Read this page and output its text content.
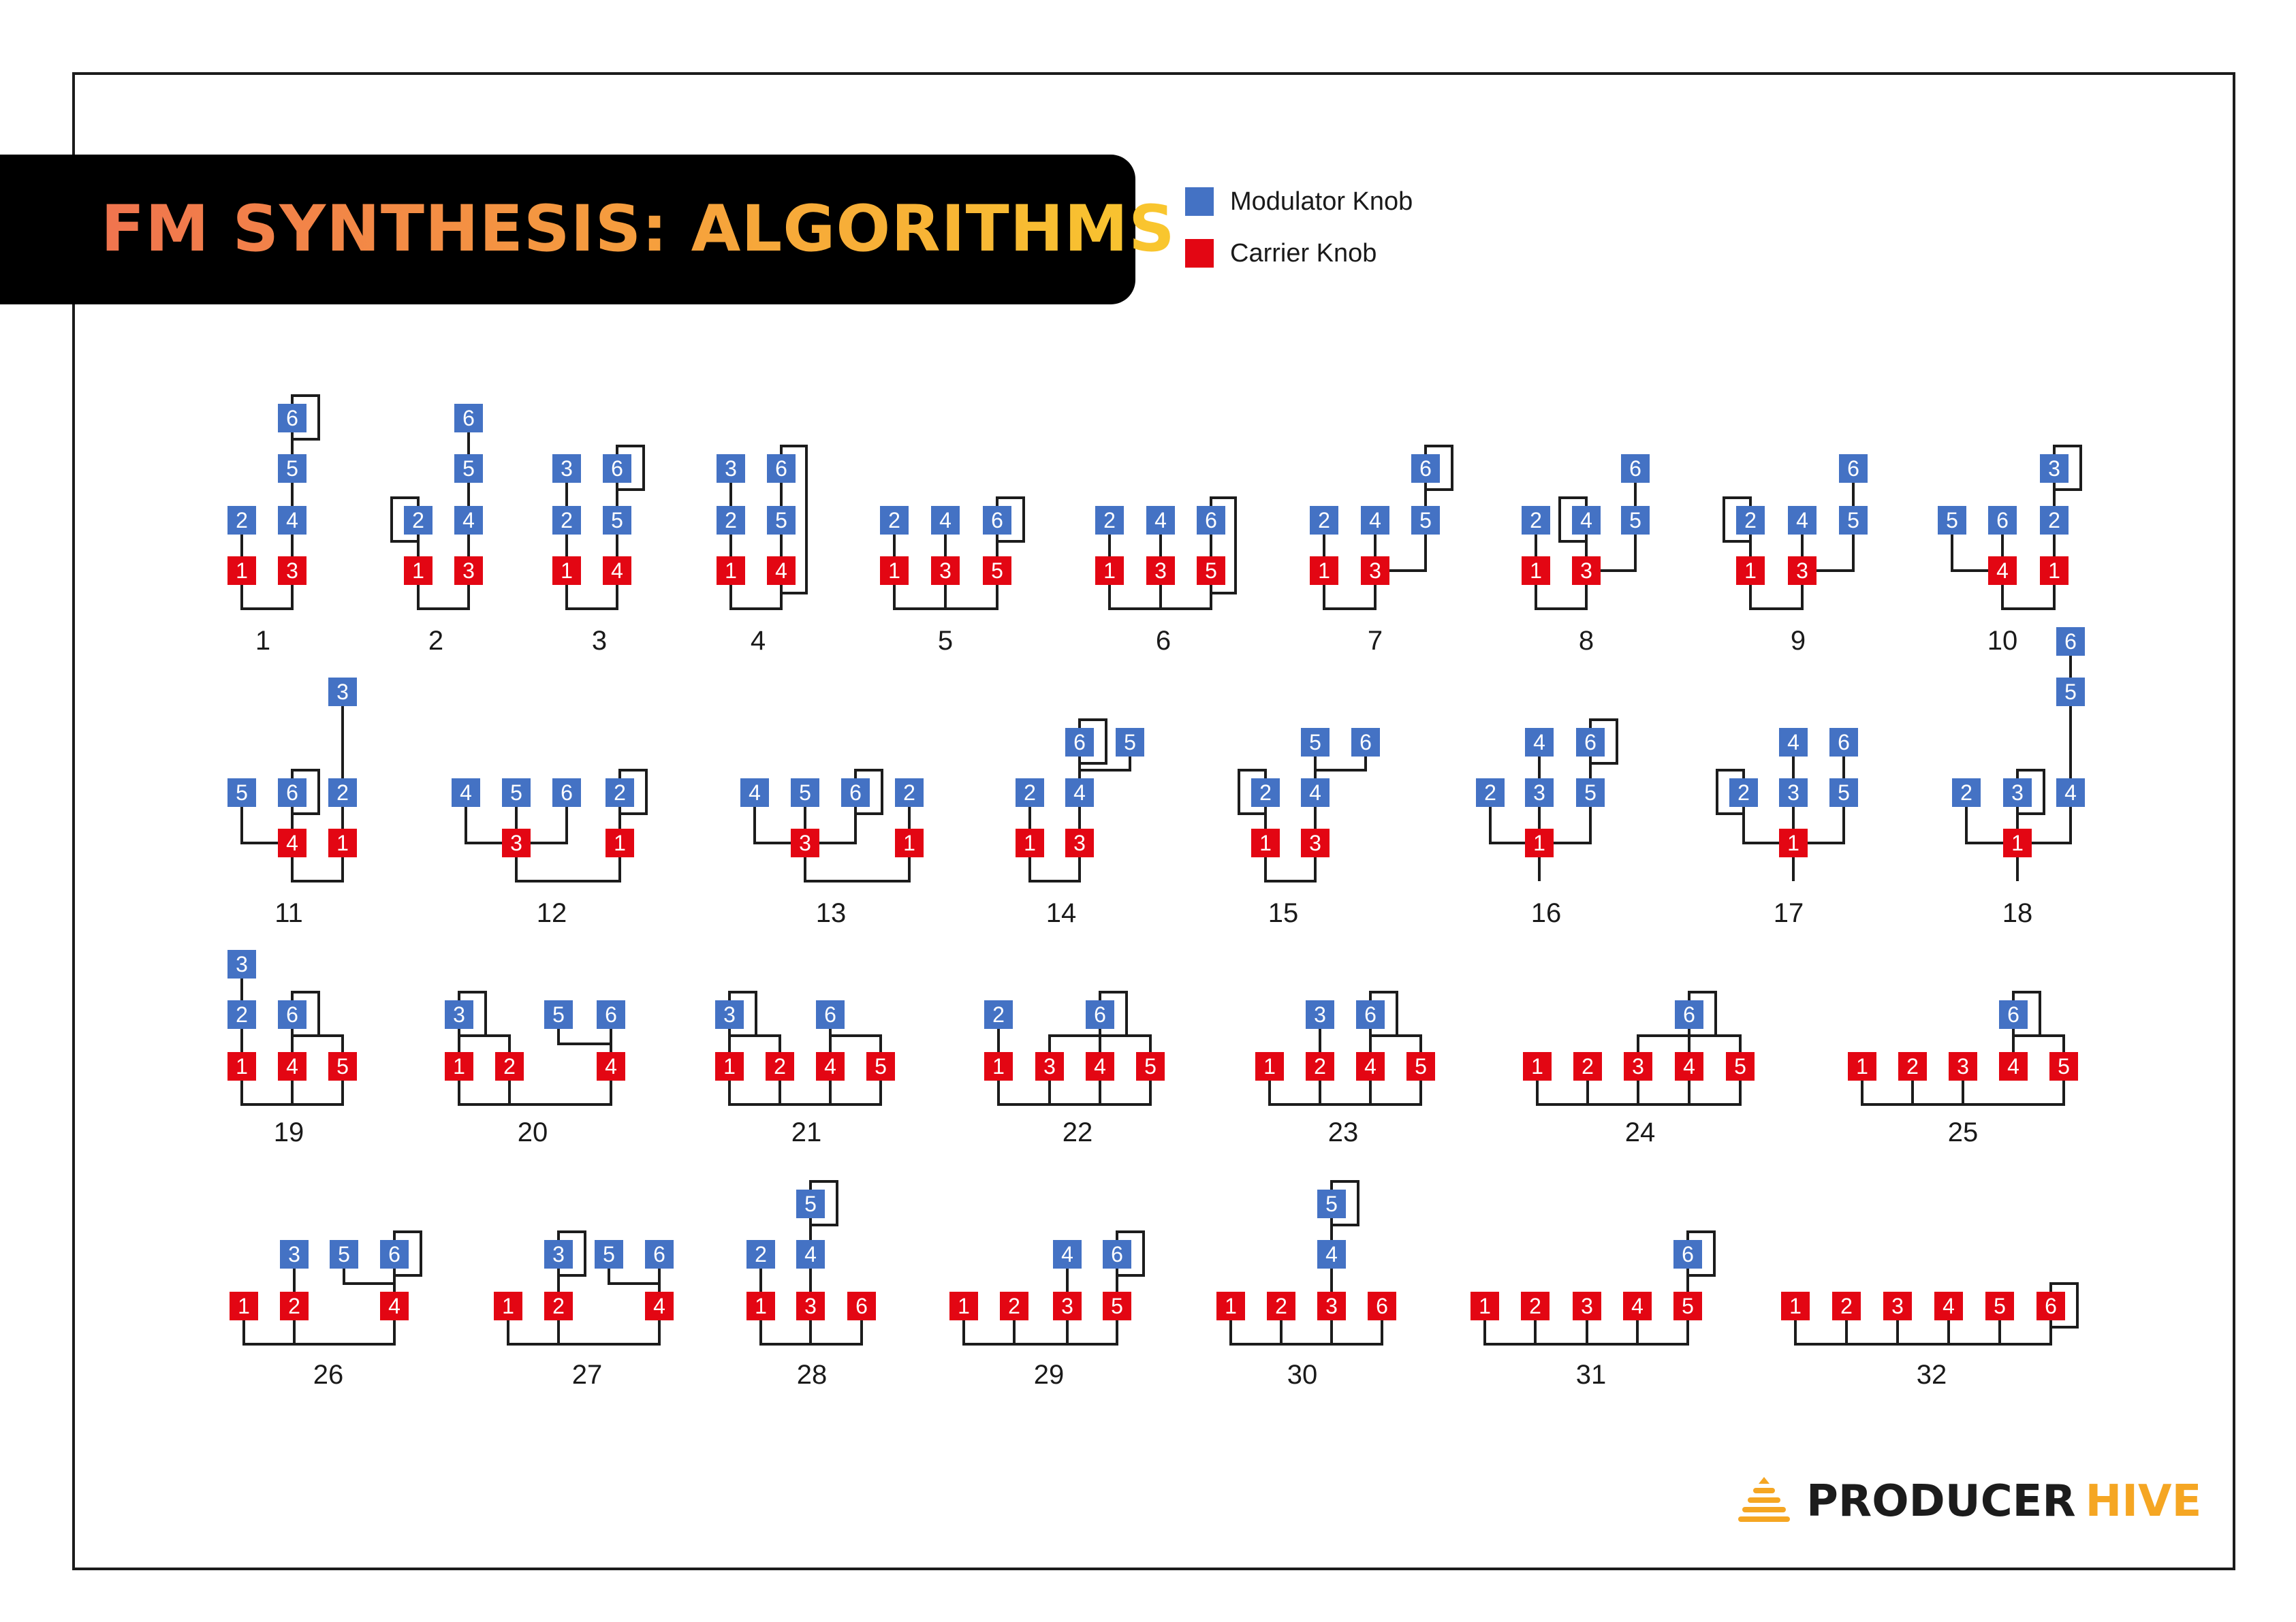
FM SYNTHESIS: ALGORITHMS Modulator Knob
Carrier Knob
1
2
3
4
5
6
1
1
2
3
4
5
6
2
1
2
3
4
5
6
3
1
2
3
4
5
6
4
2 4 6
1 3 5
5
2 4 6
1 3 5
6
6
2 4 5
1 3
7
6
2 4 5
1 3
8
6
2 4 5
1 3
9
3
5 6 2
4 1
10
3
5 6 2
4 1
11
4 5 6 2
3	1
12
4 5 6 2
3	1
13
6 5
2 4
1 3
14
5 6
2 4
1 3
15
4 6
2 3 5
1
16
4 6
2 3 5
1
17
6
5
2 3 4
1
18
3
2 6
1 4 5
19
3	5 6
1 2	4
20
3	6
1 2 4 5
21
2	6
1 3 4 5
22
3 6
1 2 4 5
23
6
1 2 3 4 5
24
6
1 2 3 4 5
25
3 5 6
1 2	4
26
3 5 6
1 2	4
27
5
2 4
1 3 6
28
4 6
1 2 3 5
29
5
4
1 2 3 6
30
6
1 2 3 4 5
31
1 2 3 4 5 6
32
PRODUCER HIVE
